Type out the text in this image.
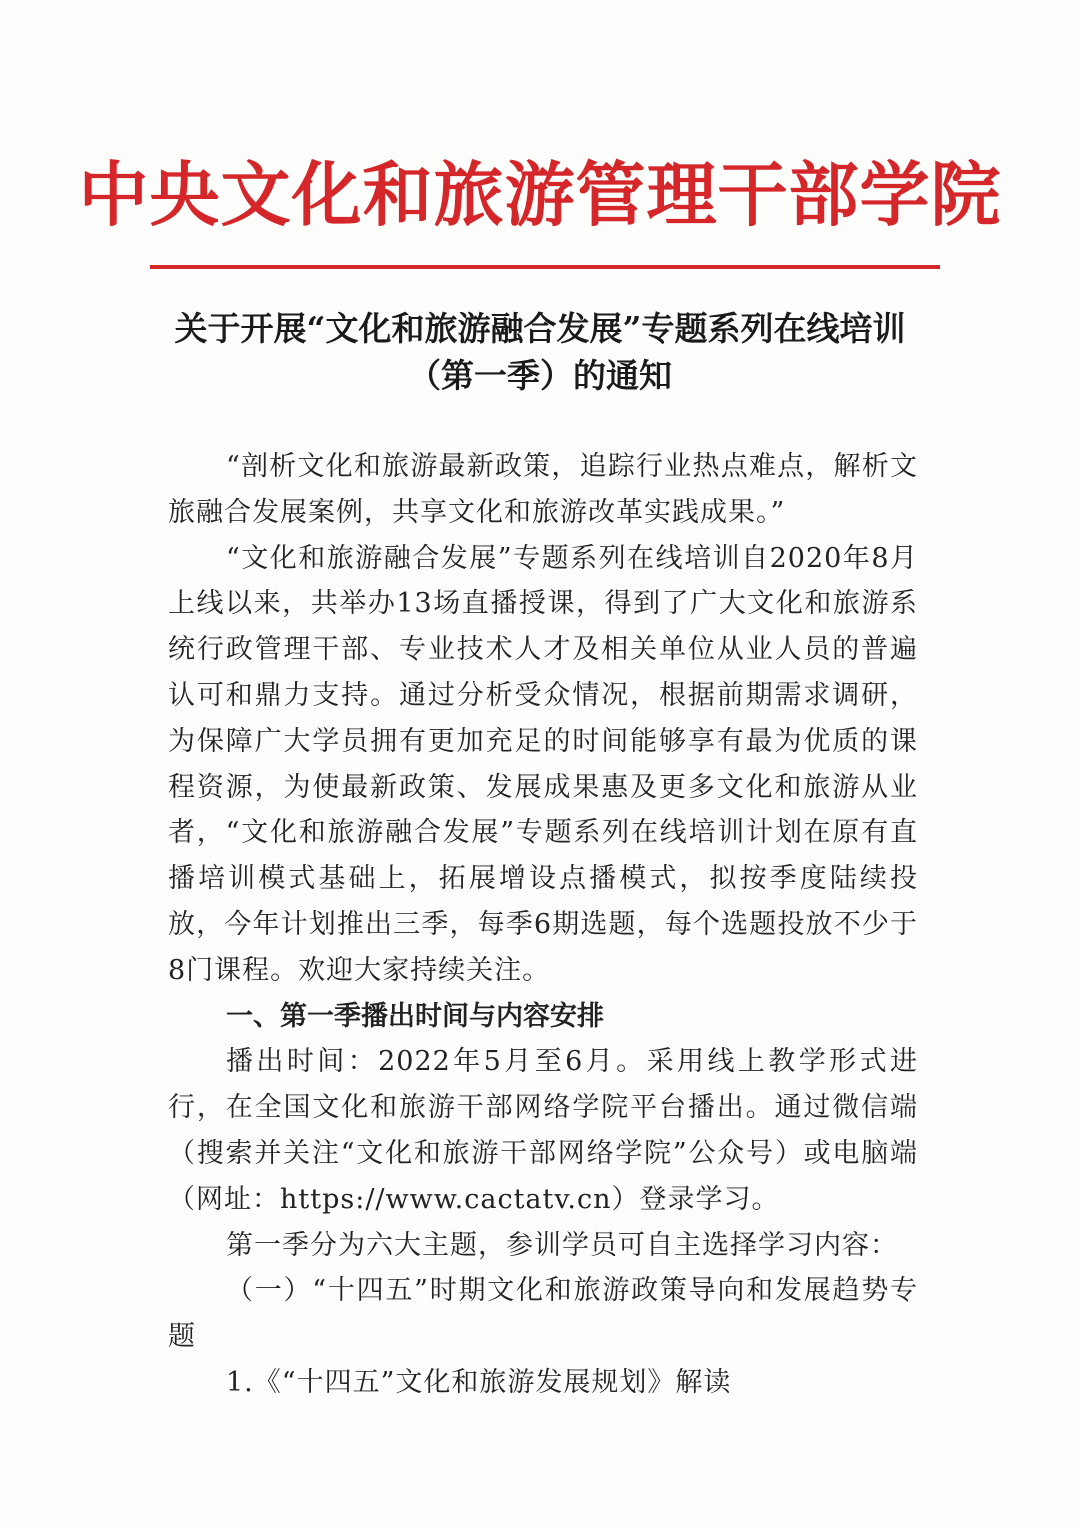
中央文化和旅游管理干部学院
关于开展“文化和旅游融合发展”专题系列在线培训
（第一季）的通知

“剖析文化和旅游最新政策，追踪行业热点难点，解析文旅融合发展案例，共享文化和旅游改革实践成果。”

“文化和旅游融合发展”专题系列在线培训自2020年8月上线以来，共举办13场直播授课，得到了广大文化和旅游系统行政管理干部、专业技术人才及相关单位从业人员的普遍认可和鼎力支持。通过分析受众情况，根据前期需求调研，为保障广大学员拥有更加充足的时间能够享有最为优质的课程资源，为使最新政策、发展成果惠及更多文化和旅游从业者，“文化和旅游融合发展”专题系列在线培训计划在原有直播培训模式基础上，拓展增设点播模式，拟按季度陆续投放，今年计划推出三季，每季6期选题，每个选题投放不少于8门课程。欢迎大家持续关注。

一、第一季播出时间与内容安排

播出时间：2022年5月至6月。采用线上教学形式进行，在全国文化和旅游干部网络学院平台播出。通过微信端（搜索并关注“文化和旅游干部网络学院”公众号）或电脑端（网址：https://www.cactatv.cn）登录学习。

第一季分为六大主题，参训学员可自主选择学习内容：

（一）“十四五”时期文化和旅游政策导向和发展趋势专题

1.《“十四五”文化和旅游发展规划》解读
